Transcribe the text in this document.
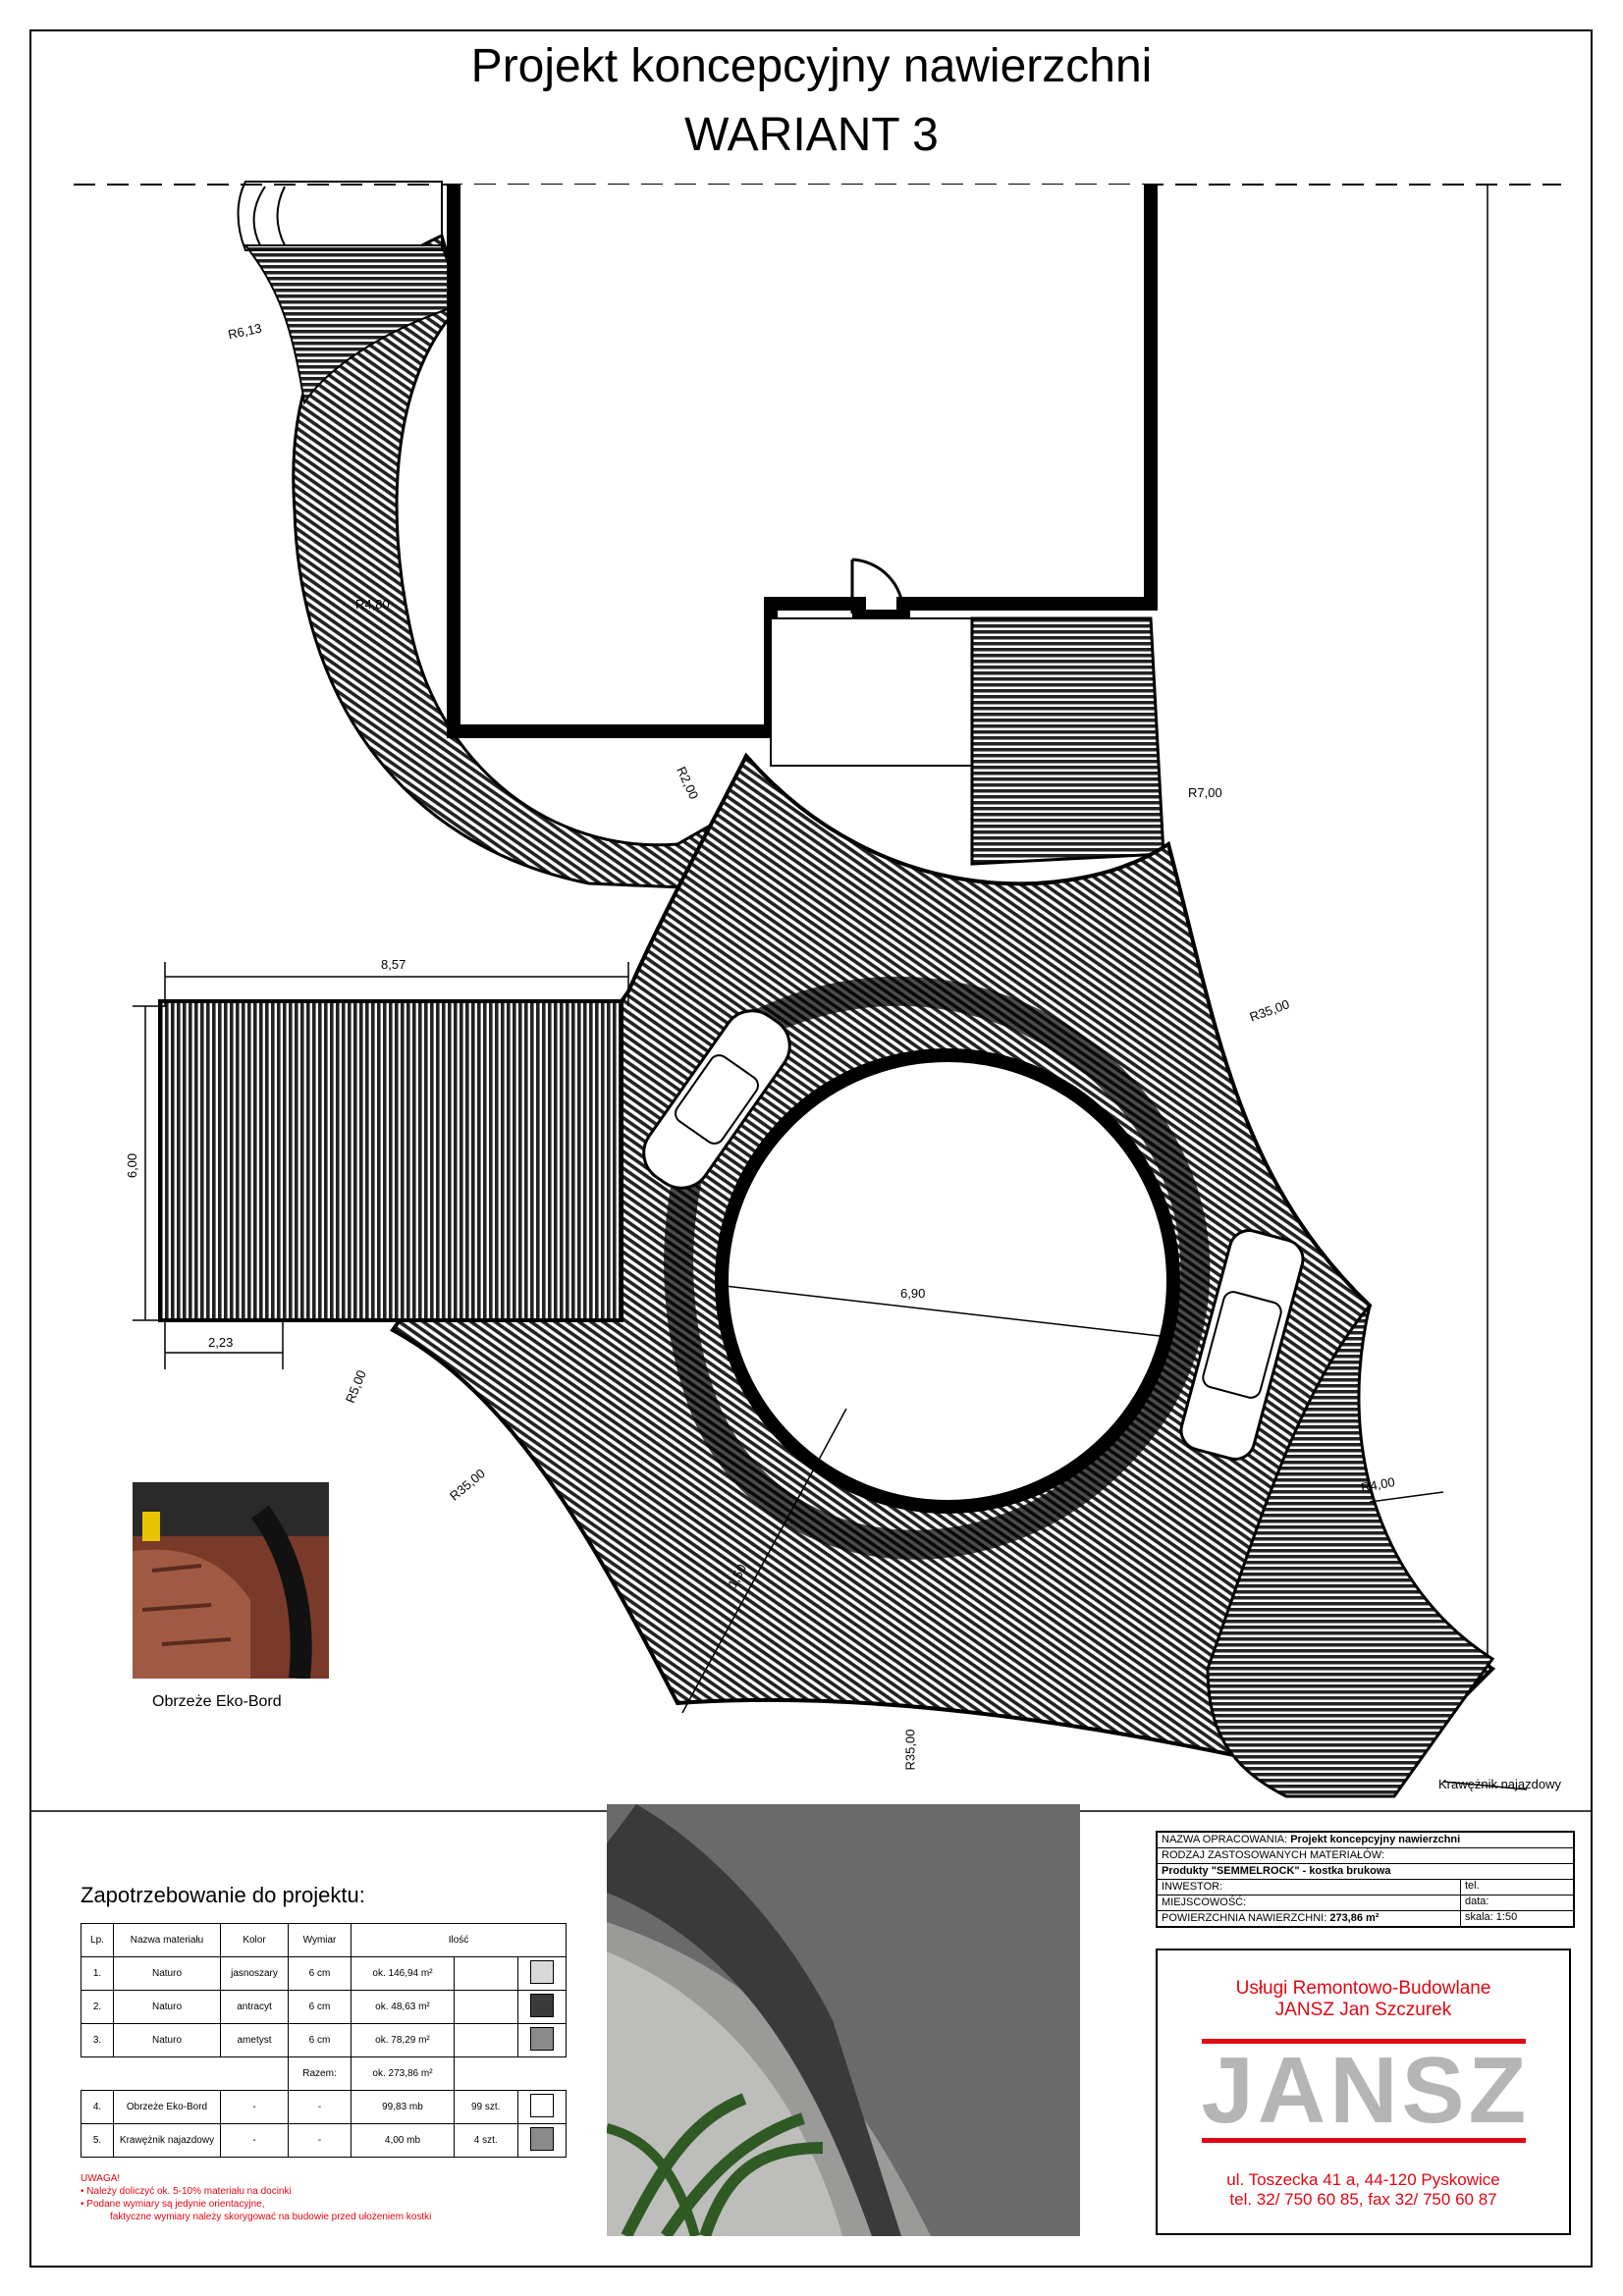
Projekt koncepcyjny nawierzchni
WARIANT 3
R6,13
R4,80
R2,00	R7,00
R35,00
8,57
6,00
2,23
R5,00
R35,00
6,90
R4,00
R35,00
1,50
Krawężnik najazdowy
Obrzeże Eko-Bord
Zapotrzebowanie do projektu:
Lp.	Nazwa materiału	Kolor	Wymiar	Ilość		
1.	Naturo	jasnoszary	6 cm	ok. 146,94 m²		
2.	Naturo	antracyt	6 cm	ok. 48,63 m²		
3.	Naturo	ametyst	6 cm	ok. 78,29 m²		
			Razem:	ok. 273,86 m²		
4.	Obrzeże Eko-Bord	-	-	99,83 mb	99 szt.	
5.	Krawężnik najazdowy	-	-	4,00 mb	4 szt.	
UWAGA!
• Należy doliczyć ok. 5-10% materiału na docinki
• Podane wymiary są jedynie orientacyjne,
faktyczne wymiary należy skorygować na budowie przed ułożeniem kostki
NAZWA OPRACOWANIA: Projekt koncepcyjny nawierzchni
RODZAJ ZASTOSOWANYCH MATERIAŁÓW:
Produkty "SEMMELROCK" - kostka brukowa
INWESTOR:	tel.
MIEJSCOWOŚĆ:	data:
POWIERZCHNIA NAWIERZCHNI: 273,86 m²	skala: 1:50
Usługi Remontowo-Budowlane
JANSZ Jan Szczurek
JANSZ
ul. Toszecka 41 a, 44-120 Pyskowice
tel. 32/ 750 60 85, fax 32/ 750 60 87
